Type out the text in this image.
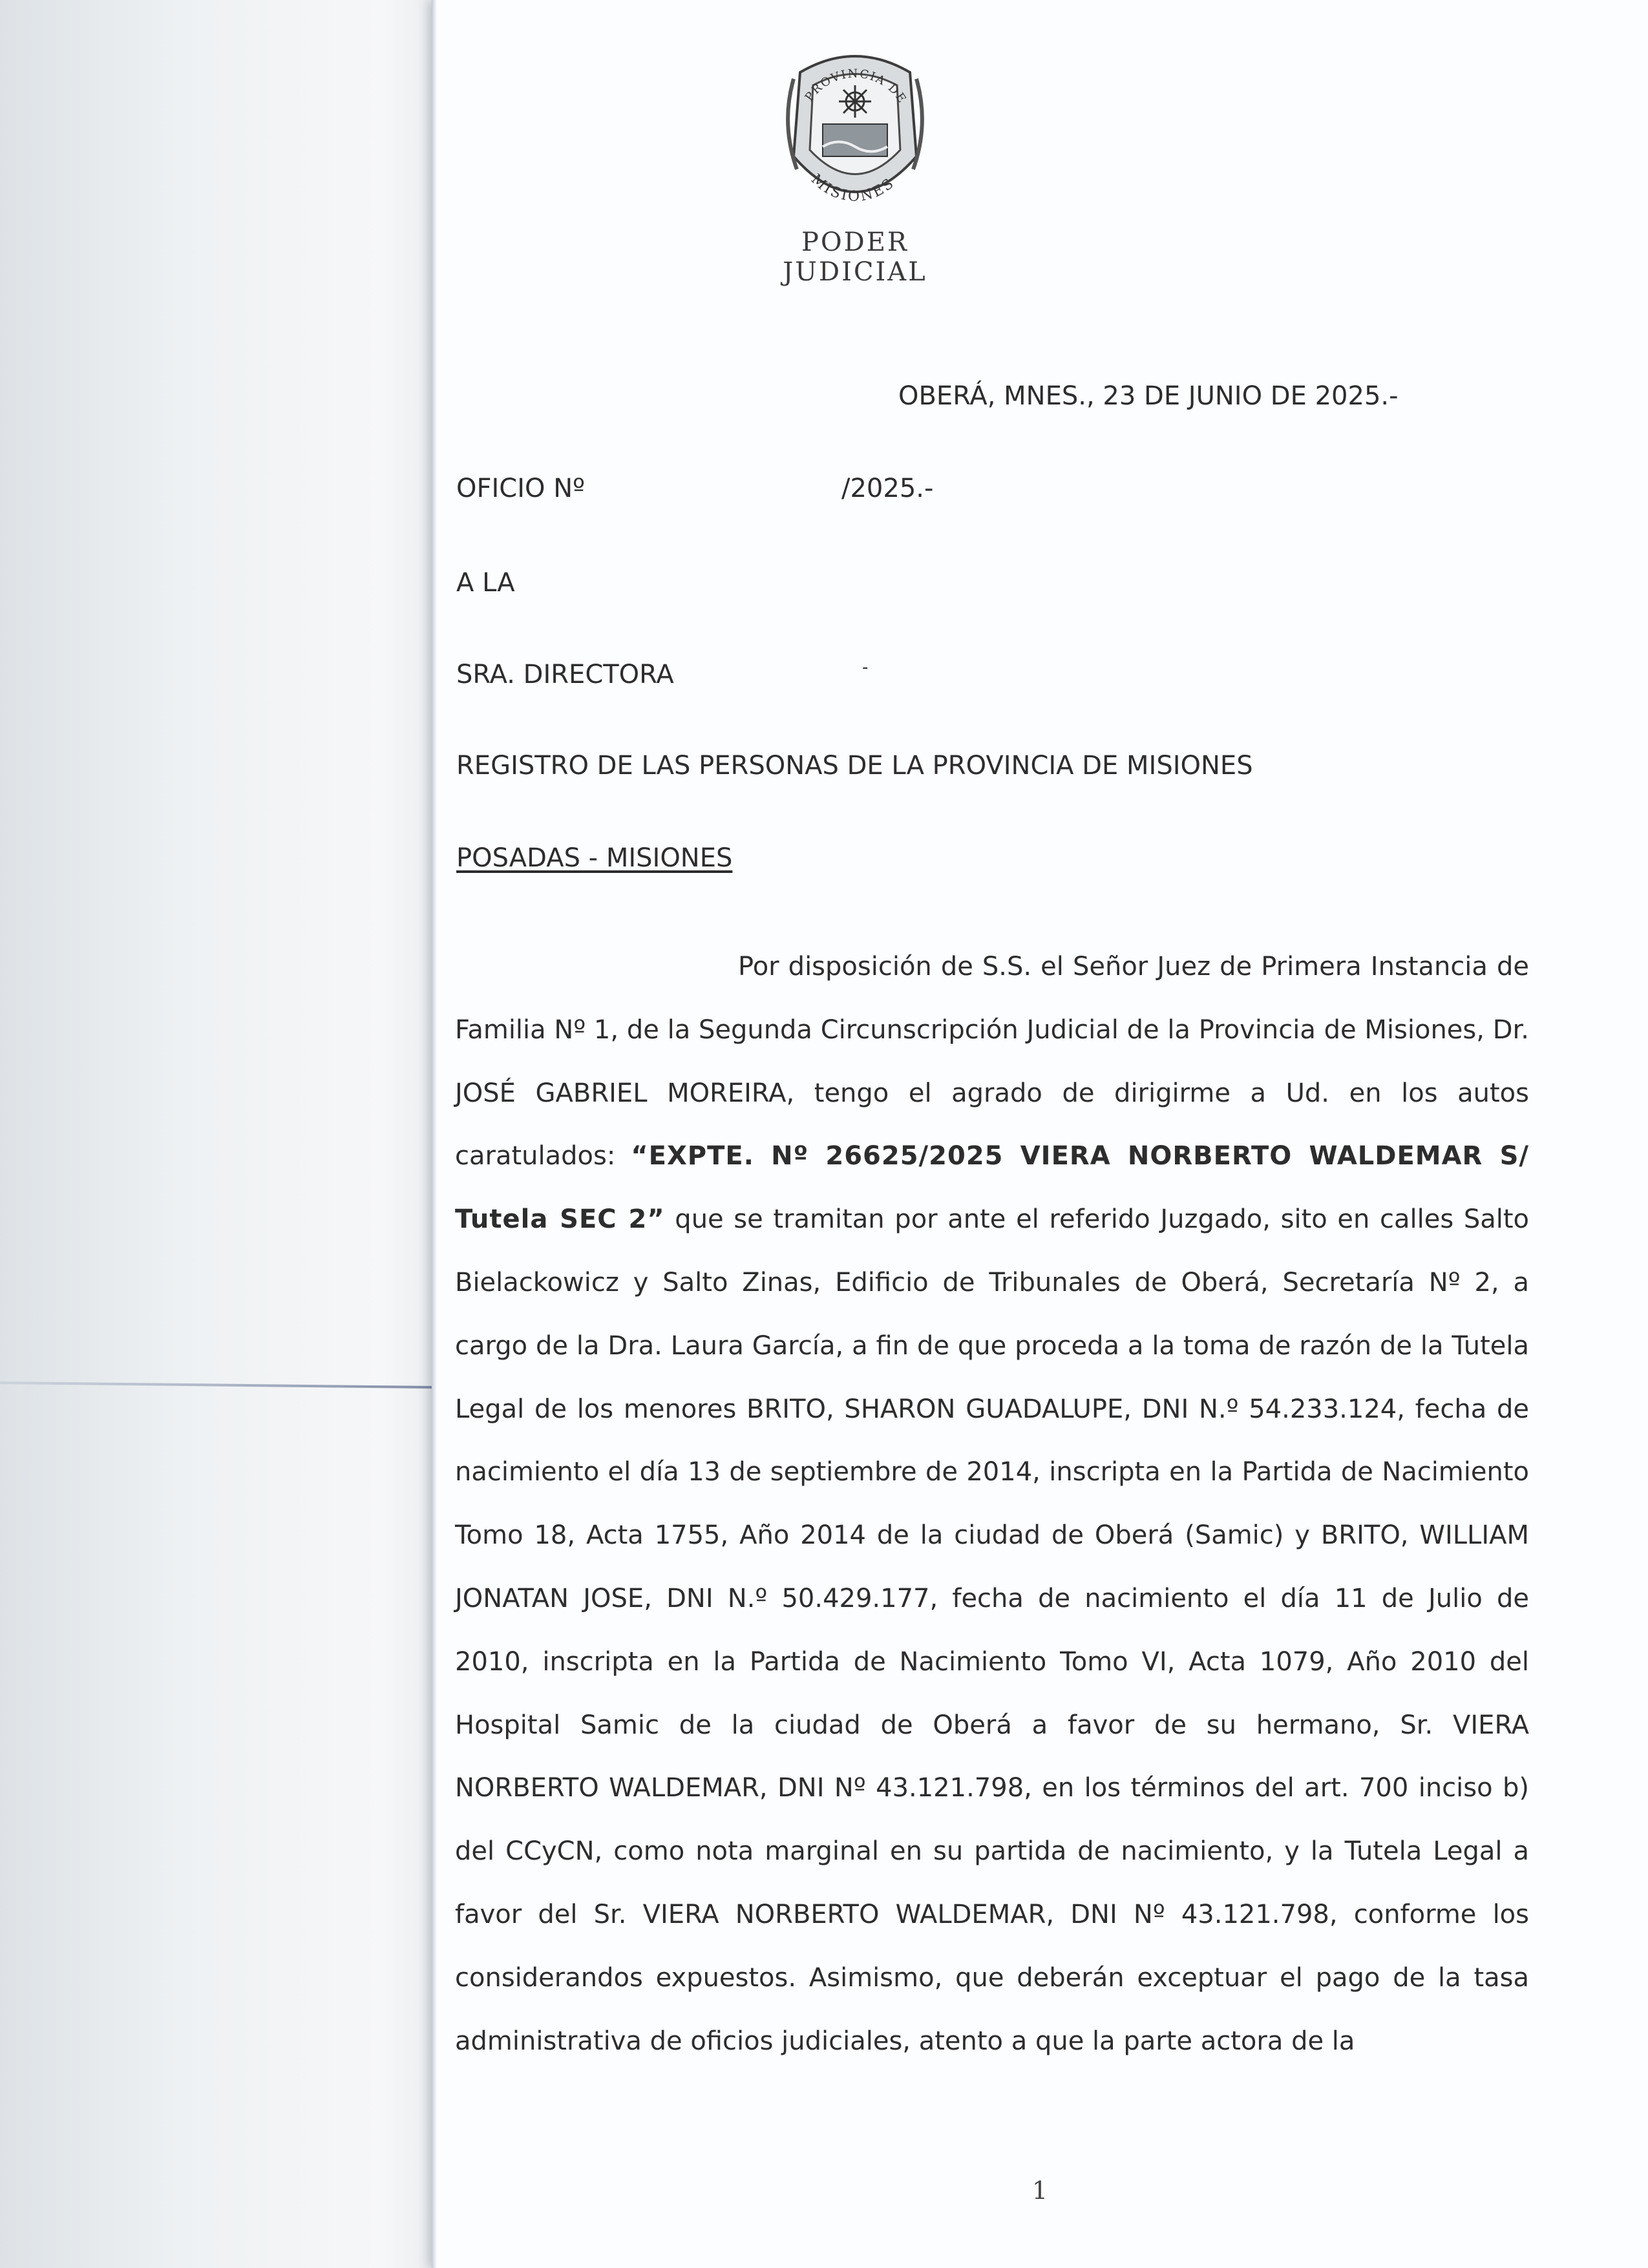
PROVINCIA DE
MISIONES
PODER JUDICIAL
OBERÁ, MNES., 23 DE JUNIO DE 2025.-
OFICIO Nº	/2025.-
A LA
SRA. DIRECTORA	-
REGISTRO DE LAS PERSONAS DE LA PROVINCIA DE MISIONES
POSADAS - MISIONES

Por disposición de S.S. el Señor Juez de Primera Instancia de Familia Nº 1, de la Segunda Circunscripción Judicial de la Provincia de Misiones, Dr. JOSÉ GABRIEL MOREIRA, tengo el agrado de dirigirme a Ud. en los autos caratulados: “EXPTE. Nº 26625/2025 VIERA NORBERTO WALDEMAR S/ Tutela SEC 2” que se tramitan por ante el referido Juzgado, sito en calles Salto Bielackowicz y Salto Zinas, Edificio de Tribunales de Oberá, Secretaría Nº 2, a cargo de la Dra. Laura García, a fin de que proceda a la toma de razón de la Tutela Legal de los menores BRITO, SHARON GUADALUPE, DNI N.º 54.233.124, fecha de nacimiento el día 13 de septiembre de 2014, inscripta en la Partida de Nacimiento Tomo 18, Acta 1755, Año 2014 de la ciudad de Oberá (Samic) y BRITO, WILLIAM JONATAN JOSE, DNI N.º 50.429.177, fecha de nacimiento el día 11 de Julio de 2010, inscripta en la Partida de Nacimiento Tomo VI, Acta 1079, Año 2010 del Hospital Samic de la ciudad de Oberá a favor de su hermano, Sr. VIERA NORBERTO WALDEMAR, DNI Nº 43.121.798, en los términos del art. 700 inciso b) del CCyCN, como nota marginal en su partida de nacimiento, y la Tutela Legal a favor del Sr. VIERA NORBERTO WALDEMAR, DNI Nº 43.121.798, conforme los considerandos expuestos. Asimismo, que deberán exceptuar el pago de la tasa administrativa de oficios judiciales, atento a que la parte actora de la

1
